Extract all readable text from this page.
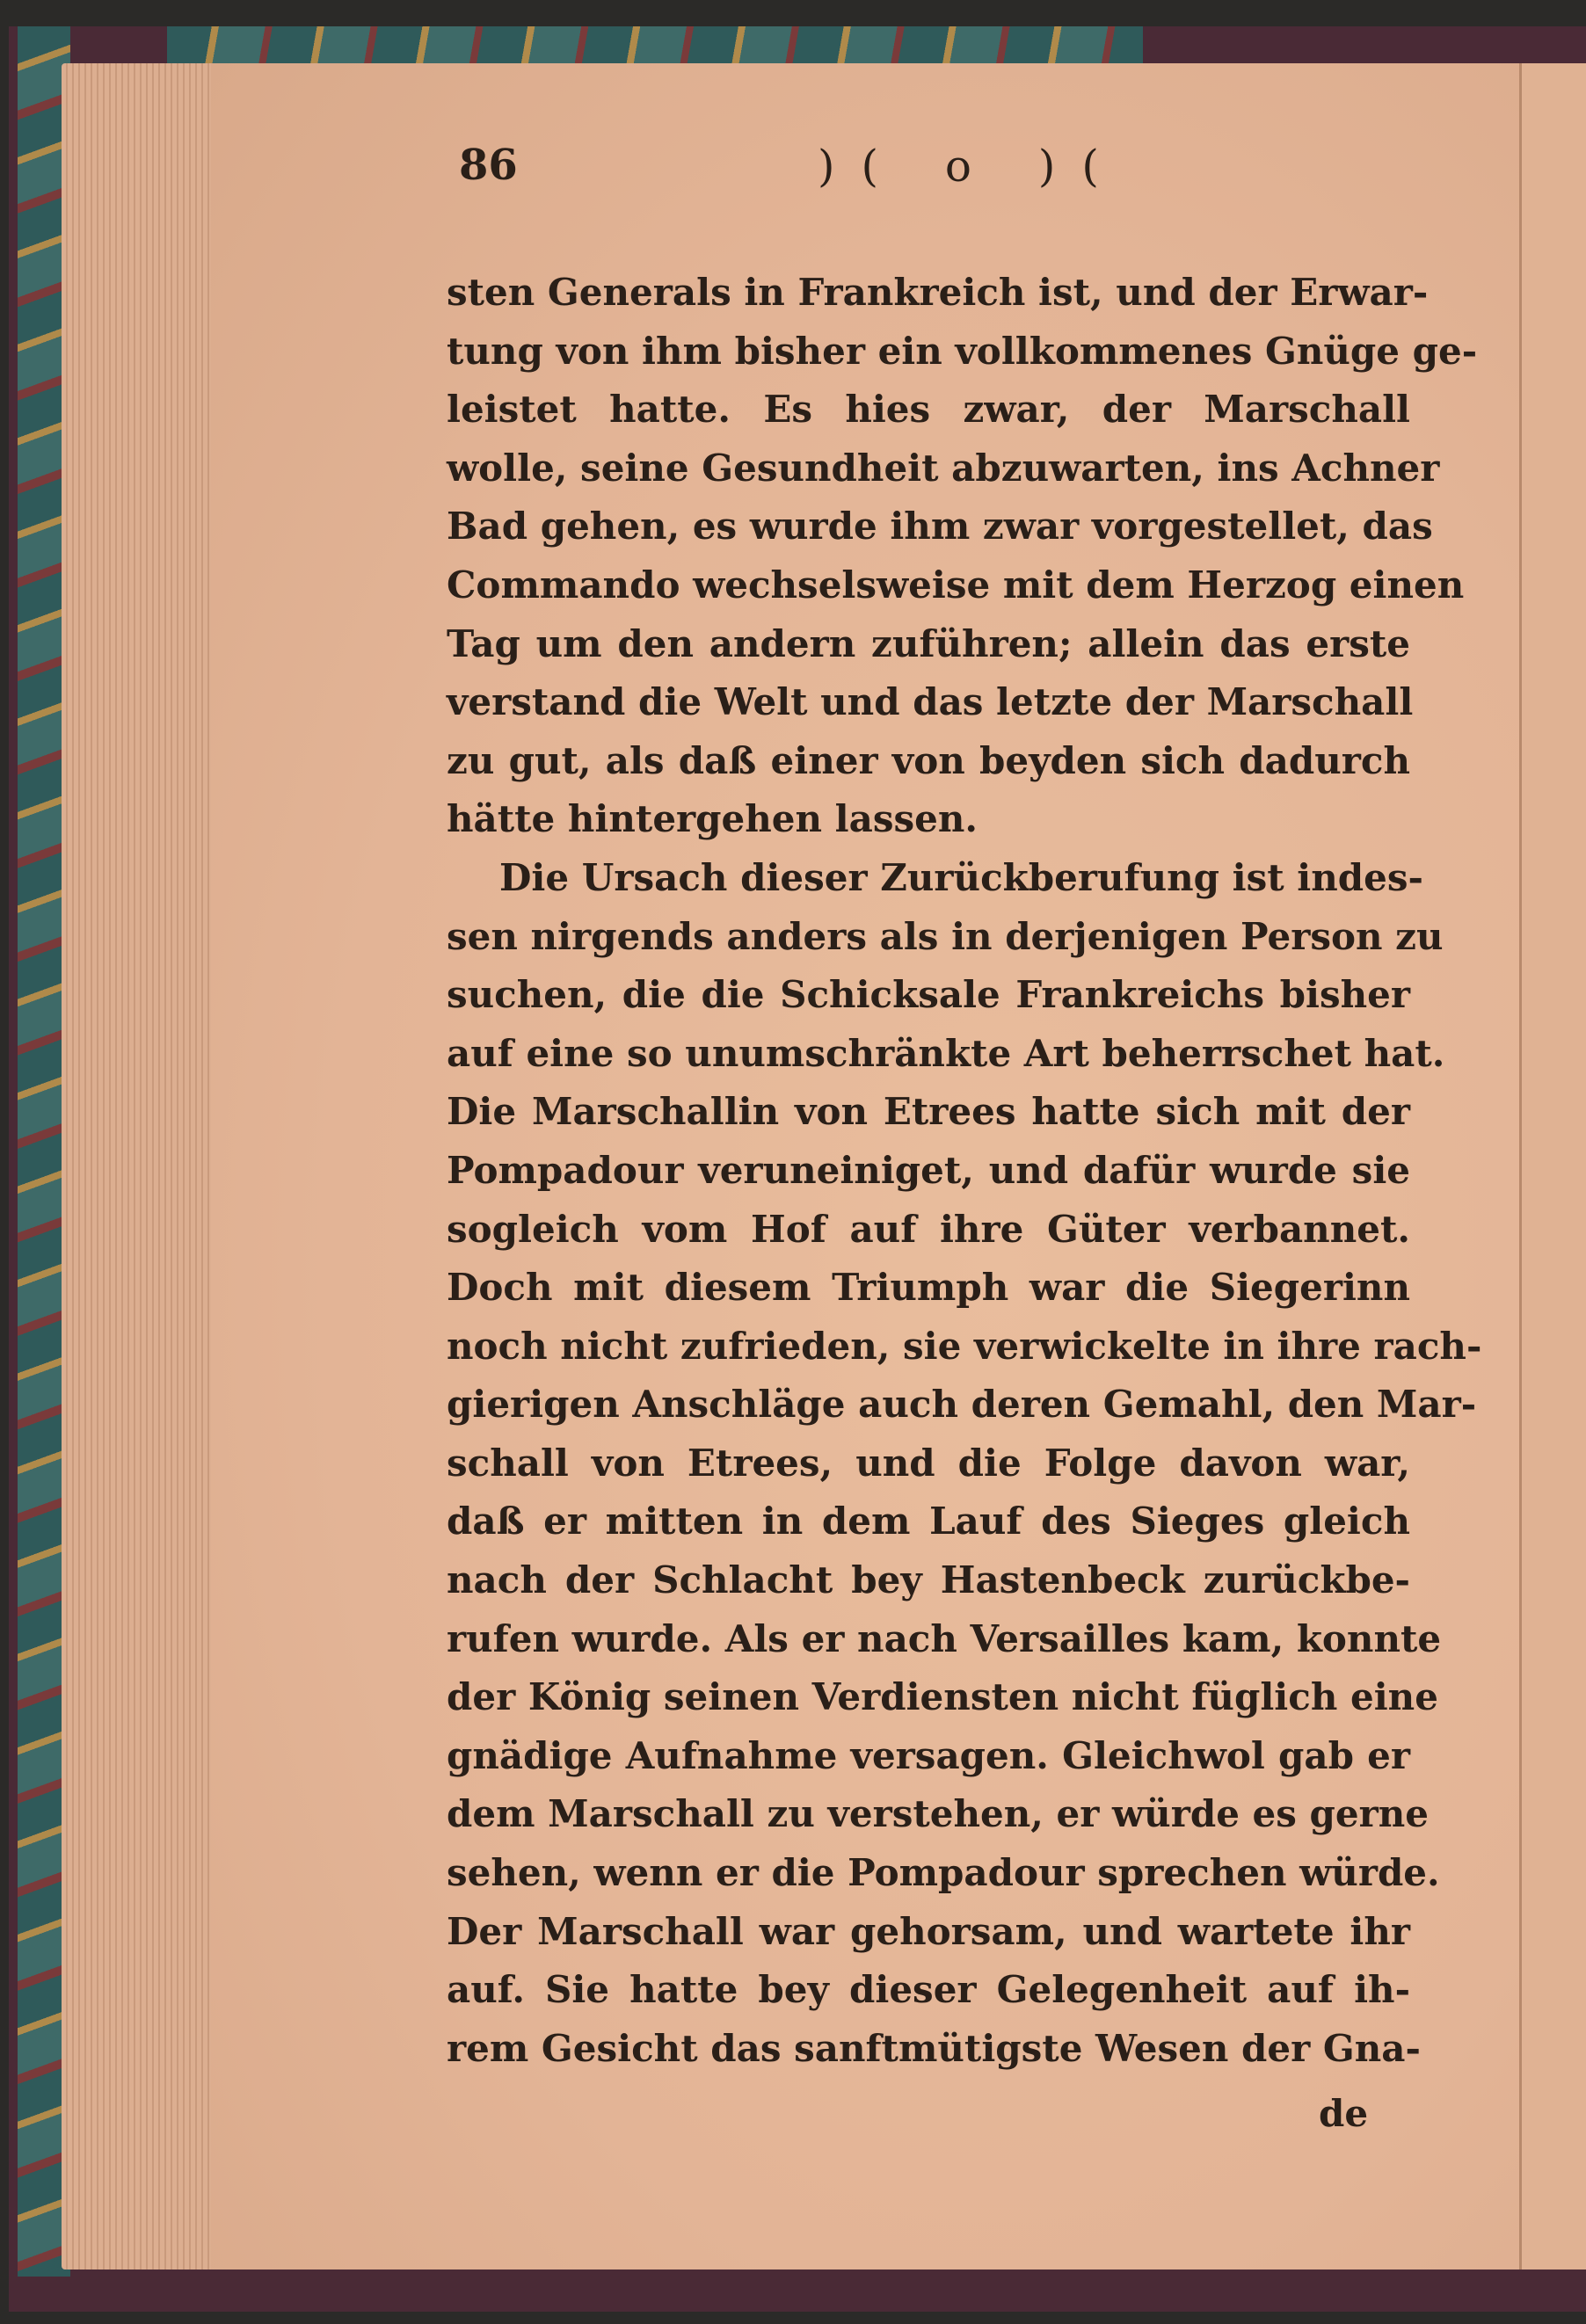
86	)( o )(
sten Generals in Frankreich ist, und der Erwar-
tung von ihm bisher ein vollkommenes Gnüge ge-
leistet hatte. Es hies zwar, der Marschall
wolle, seine Gesundheit abzuwarten, ins Achner
Bad gehen, es wurde ihm zwar vorgestellet, das
Commando wechselsweise mit dem Herzog einen
Tag um den andern zuführen; allein das erste
verstand die Welt und das letzte der Marschall
zu gut, als daß einer von beyden sich dadurch
hätte hintergehen lassen.
Die Ursach dieser Zurückberufung ist indes-
sen nirgends anders als in derjenigen Person zu
suchen, die die Schicksale Frankreichs bisher
auf eine so unumschränkte Art beherrschet hat.
Die Marschallin von Etrees hatte sich mit der
Pompadour veruneiniget, und dafür wurde sie
sogleich vom Hof auf ihre Güter verbannet.
Doch mit diesem Triumph war die Siegerinn
noch nicht zufrieden, sie verwickelte in ihre rach-
gierigen Anschläge auch deren Gemahl, den Mar-
schall von Etrees, und die Folge davon war,
daß er mitten in dem Lauf des Sieges gleich
nach der Schlacht bey Hastenbeck zurückbe-
rufen wurde. Als er nach Versailles kam, konnte
der König seinen Verdiensten nicht füglich eine
gnädige Aufnahme versagen. Gleichwol gab er
dem Marschall zu verstehen, er würde es gerne
sehen, wenn er die Pompadour sprechen würde.
Der Marschall war gehorsam, und wartete ihr
auf. Sie hatte bey dieser Gelegenheit auf ih-
rem Gesicht das sanftmütigste Wesen der Gna-
de
